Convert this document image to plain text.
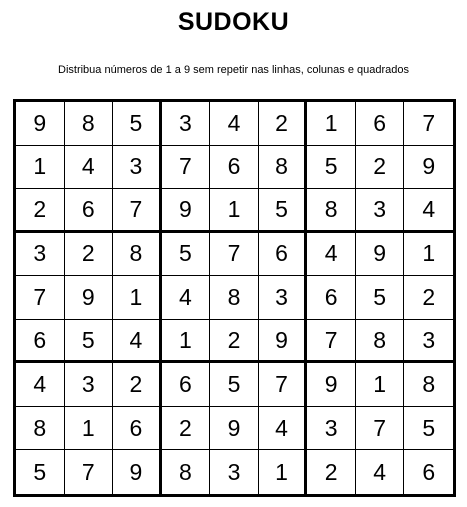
SUDOKU
Distribua números de 1 a 9 sem repetir nas linhas, colunas e quadrados
9	8	5	3	4	2	1	6	7
1	4	3	7	6	8	5	2	9
2	6	7	9	1	5	8	3	4
3	2	8	5	7	6	4	9	1
7	9	1	4	8	3	6	5	2
6	5	4	1	2	9	7	8	3
4	3	2	6	5	7	9	1	8
8	1	6	2	9	4	3	7	5
5	7	9	8	3	1	2	4	6
